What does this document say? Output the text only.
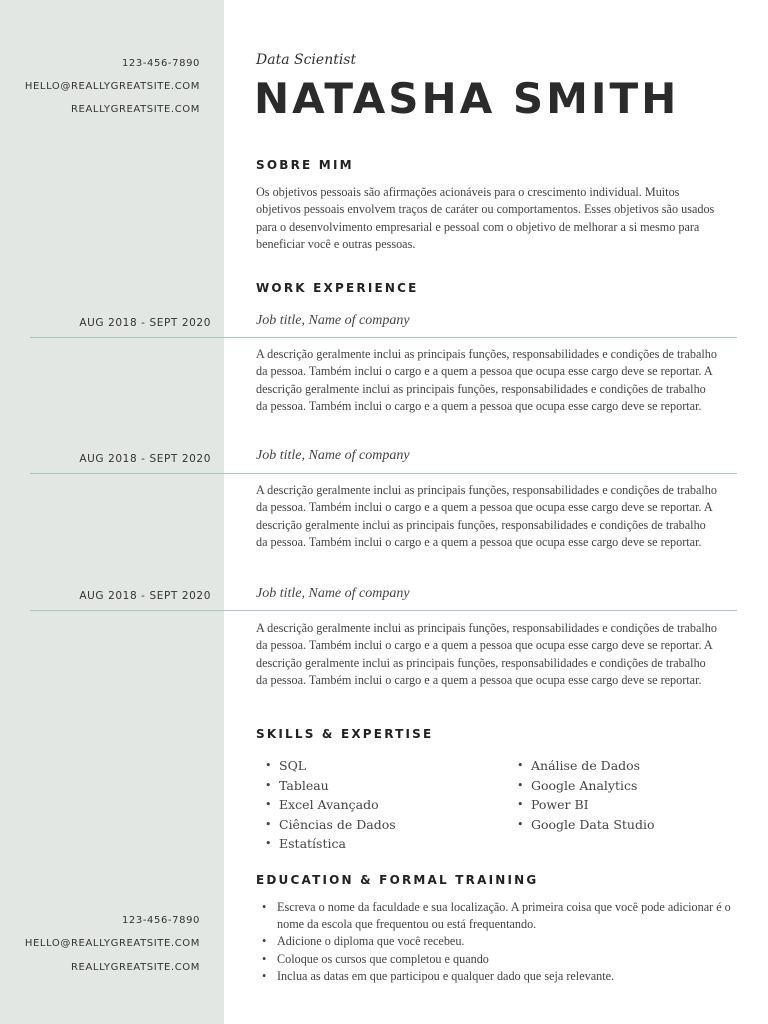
123-456-7890
HELLO@REALLYGREATSITE.COM
REALLYGREATSITE.COM
Data Scientist
NATASHA SMITH
SOBRE MIM
Os objetivos pessoais são afirmações acionáveis para o crescimento individual. Muitos
objetivos pessoais envolvem traços de caráter ou comportamentos. Esses objetivos são usados
para o desenvolvimento empresarial e pessoal com o objetivo de melhorar a si mesmo para
beneficiar você e outras pessoas.
WORK EXPERIENCE
AUG 2018 - SEPT 2020	Job title, Name of company
A descrição geralmente inclui as principais funções, responsabilidades e condições de trabalho
da pessoa. Também inclui o cargo e a quem a pessoa que ocupa esse cargo deve se reportar. A
descrição geralmente inclui as principais funções, responsabilidades e condições de trabalho
da pessoa. Também inclui o cargo e a quem a pessoa que ocupa esse cargo deve se reportar.
AUG 2018 - SEPT 2020	Job title, Name of company
A descrição geralmente inclui as principais funções, responsabilidades e condições de trabalho
da pessoa. Também inclui o cargo e a quem a pessoa que ocupa esse cargo deve se reportar. A
descrição geralmente inclui as principais funções, responsabilidades e condições de trabalho
da pessoa. Também inclui o cargo e a quem a pessoa que ocupa esse cargo deve se reportar.
AUG 2018 - SEPT 2020	Job title, Name of company
A descrição geralmente inclui as principais funções, responsabilidades e condições de trabalho
da pessoa. Também inclui o cargo e a quem a pessoa que ocupa esse cargo deve se reportar. A
descrição geralmente inclui as principais funções, responsabilidades e condições de trabalho
da pessoa. Também inclui o cargo e a quem a pessoa que ocupa esse cargo deve se reportar.
SKILLS & EXPERTISE
• SQL
• Tableau
• Excel Avançado
• Ciências de Dados
• Estatística
• Análise de Dados
• Google Analytics
• Power BI
• Google Data Studio
EDUCATION & FORMAL TRAINING
• Escreva o nome da faculdade e sua localização. A primeira coisa que você pode adicionar é o nome da escola que frequentou ou está frequentando.
• Adicione o diploma que você recebeu.
• Coloque os cursos que completou e quando
• Inclua as datas em que participou e qualquer dado que seja relevante.
123-456-7890
HELLO@REALLYGREATSITE.COM
REALLYGREATSITE.COM
